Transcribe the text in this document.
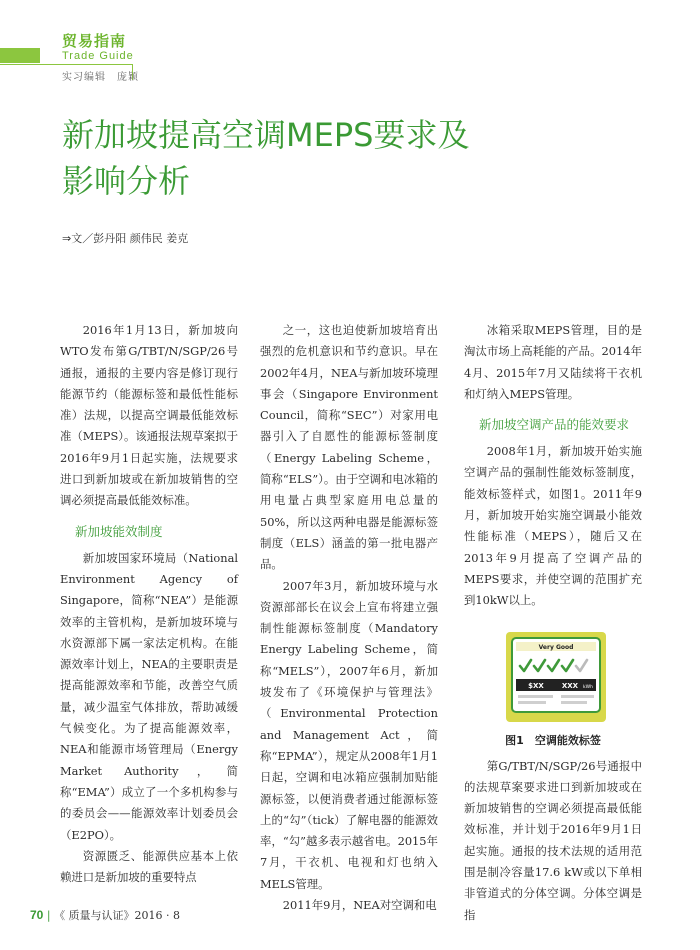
贸易指南
Trade Guide
实习编辑　庞颖
新加坡提高空调MEPS要求及
影响分析
⇒文／彭丹阳 颜伟民 姜克

2016年1月13日，新加坡向WTO发布第G/TBT/N/SGP/26号通报，通报的主要内容是修订现行能源节约（能源标签和最低性能标准）法规，以提高空调最低能效标准（MEPS）。该通报法规草案拟于2016年9月1日起实施，法规要求进口到新加坡或在新加坡销售的空调必须提高最低能效标准。

新加坡能效制度

新加坡国家环境局（National Environment Agency of Singapore，简称“NEA”）是能源效率的主管机构，是新加坡环境与水资源部下属一家法定机构。在能源效率计划上，NEA的主要职责是提高能源效率和节能，改善空气质量，减少温室气体排放，帮助减缓气候变化。为了提高能源效率，NEA和能源市场管理局（Energy Market Authority，简称“EMA”）成立了一个多机构参与的委员会——能源效率计划委员会（E2PO）。

资源匮乏、能源供应基本上依赖进口是新加坡的重要特点

之一，这也迫使新加坡培育出强烈的危机意识和节约意识。早在2002年4月，NEA与新加坡环境理事会（Singapore Environment Council，简称“SEC”）对家用电器引入了自愿性的能源标签制度（Energy Labeling Scheme，简称“ELS”）。由于空调和电冰箱的用电量占典型家庭用电总量的50%，所以这两种电器是能源标签制度（ELS）涵盖的第一批电器产品。

2007年3月，新加坡环境与水资源部部长在议会上宣布将建立强制性能源标签制度（Mandatory Energy Labeling Scheme，简称“MELS”），2007年6月，新加坡发布了《环境保护与管理法》（Environmental Protection and Management Act，简称“EPMA”），规定从2008年1月1日起，空调和电冰箱应强制加贴能源标签，以便消费者通过能源标签上的“勾”（tick）了解电器的能源效率，“勾”越多表示越省电。2015年7月，干衣机、电视和灯也纳入MELS管理。

2011年9月，NEA对空调和电

冰箱采取MEPS管理，目的是淘汰市场上高耗能的产品。2014年4月、2015年7月又陆续将干衣机和灯纳入MEPS管理。

新加坡空调产品的能效要求

2008年1月，新加坡开始实施空调产品的强制性能效标签制度，能效标签样式，如图1。2011年9月，新加坡开始实施空调最小能效性能标准（MEPS），随后又在2013年9月提高了空调产品的MEPS要求，并使空调的范围扩充到10kW以上。

Very Good
$XX	XXX kWh
图1　空调能效标签

第G/TBT/N/SGP/26号通报中的法规草案要求进口到新加坡或在新加坡销售的空调必须提高最低能效标准，并计划于2016年9月1日起实施。通报的技术法规的适用范围是制冷容量17.6 kW或以下单相非管道式的分体空调。分体空调是指

70 | 《 质量与认证》2016 · 8
